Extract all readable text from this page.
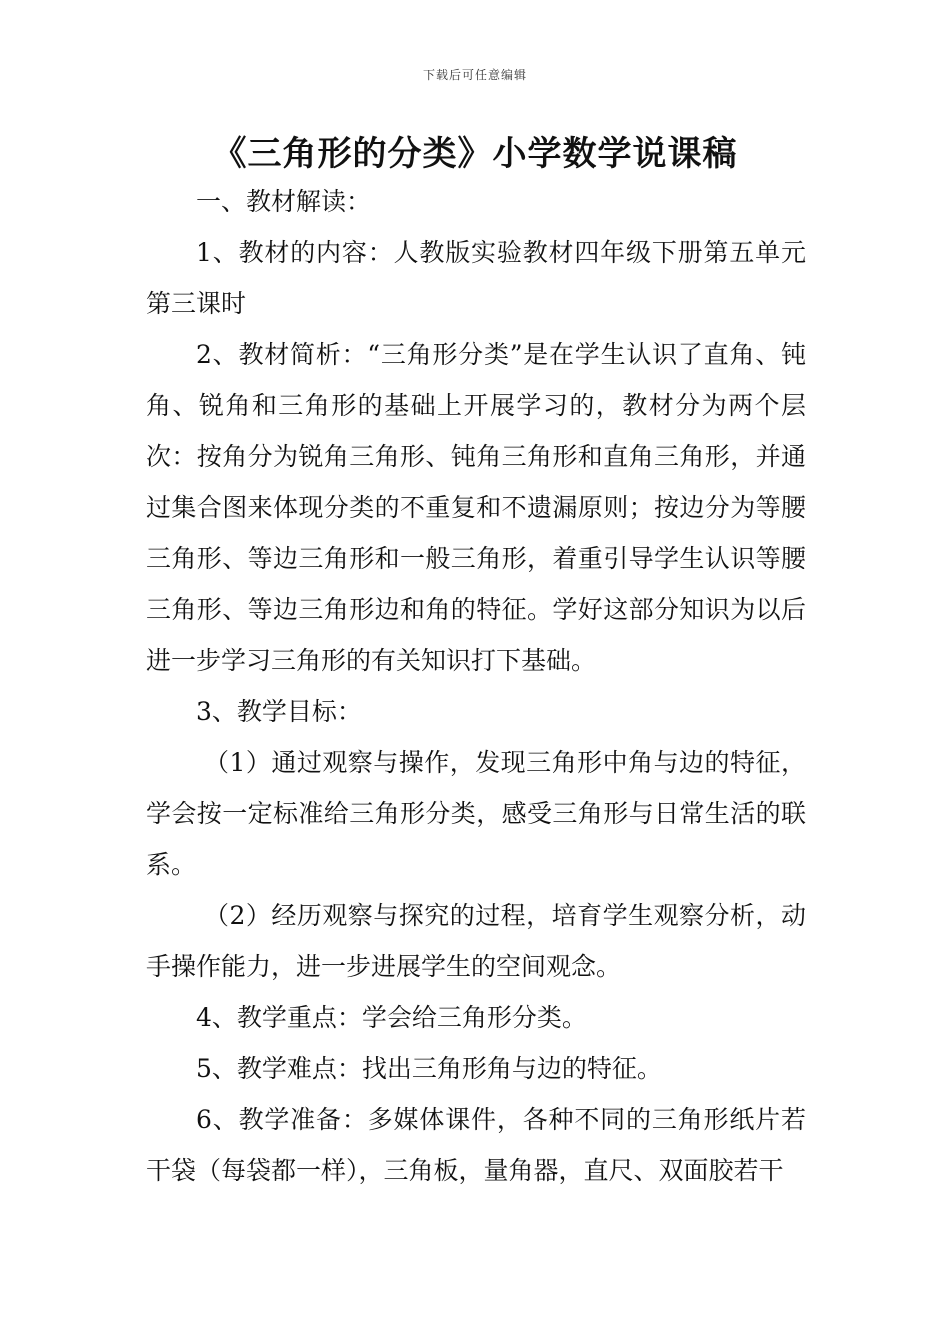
下载后可任意编辑
《三角形的分类》小学数学说课稿

一、教材解读：

1、教材的内容：人教版实验教材四年级下册第五单元第三课时

2、教材简析：“三角形分类”是在学生认识了直角、钝角、锐角和三角形的基础上开展学习的，教材分为两个层次：按角分为锐角三角形、钝角三角形和直角三角形，并通过集合图来体现分类的不重复和不遗漏原则；按边分为等腰三角形、等边三角形和一般三角形，着重引导学生认识等腰三角形、等边三角形边和角的特征。学好这部分知识为以后进一步学习三角形的有关知识打下基础。

3、教学目标：

（1）通过观察与操作，发现三角形中角与边的特征，学会按一定标准给三角形分类，感受三角形与日常生活的联系。

（2）经历观察与探究的过程，培育学生观察分析，动手操作能力，进一步进展学生的空间观念。

4、教学重点：学会给三角形分类。

5、教学难点：找出三角形角与边的特征。

6、教学准备：多媒体课件，各种不同的三角形纸片若干袋（每袋都一样），三角板，量角器，直尺、双面胶若干
